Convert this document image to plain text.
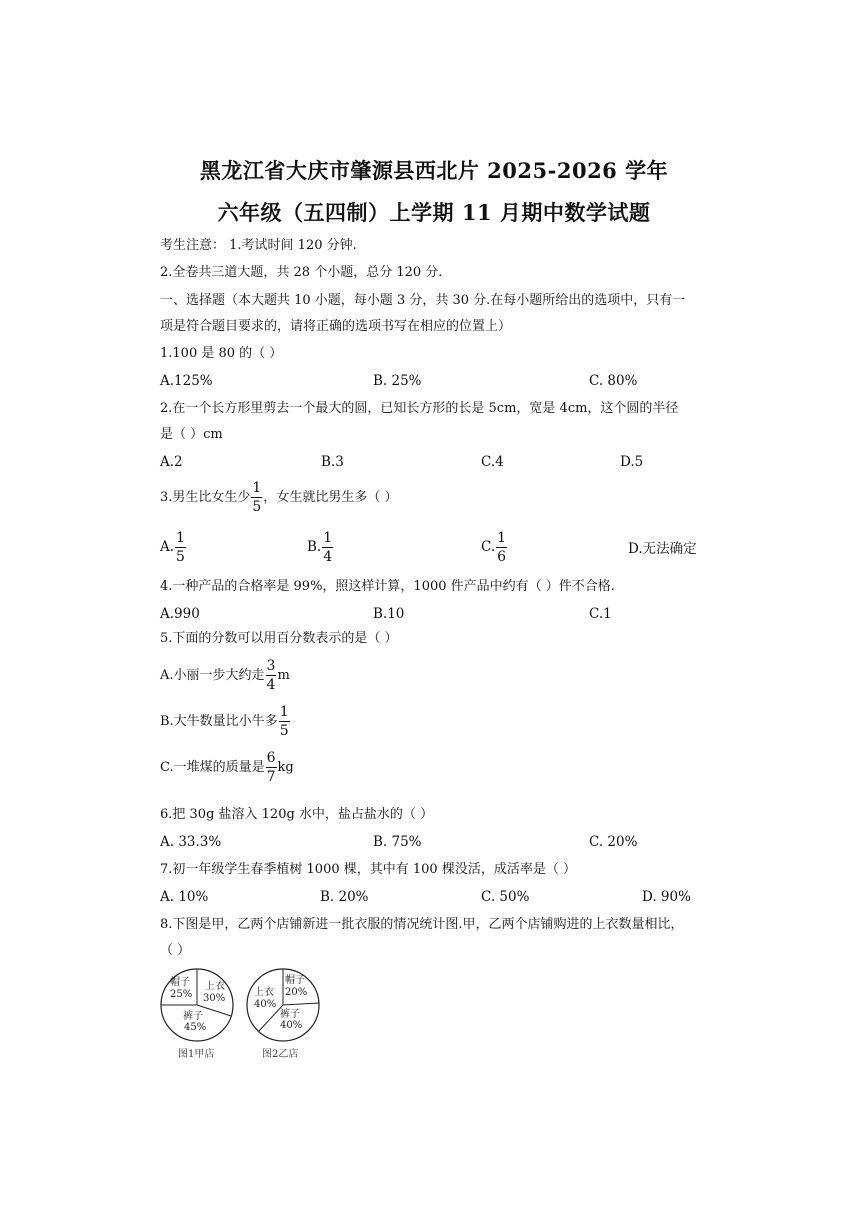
黑龙江省大庆市肇源县西北片 2025-2026 学年
六年级（五四制）上学期 11 月期中数学试题
考生注意： 1.考试时间 120 分钟.
2.全卷共三道大题，共 28 个小题，总分 120 分.
一、选择题（本大题共 10 小题，每小题 3 分，共 30 分.在每小题所给出的选项中，只有一
项是符合题目要求的，请将正确的选项书写在相应的位置上）
1.100 是 80 的（ ）
A.125%	B. 25%	C. 80%
2.在一个长方形里剪去一个最大的圆，已知长方形的长是 5cm，宽是 4cm，这个圆的半径
是（ ）cm
A.2	B.3	C.4	D.5
3.男生比女生少 $\frac{1}{5}$ ，女生就比男生多（ ）
A. $\frac{1}{5}$	B. $\frac{1}{4}$	C. $\frac{1}{6}$	D.无法确定
4.一种产品的合格率是 99%，照这样计算，1000 件产品中约有（ ）件不合格.
A.990	B.10	C.1
5.下面的分数可以用百分数表示的是（ ）
A.小丽一步大约走 $\frac{3}{4}$ m
B.大牛数量比小牛多 $\frac{1}{5}$
C.一堆煤的质量是 $\frac{6}{7}$ kg
6.把 30g 盐溶入 120g 水中，盐占盐水的（ ）
A. 33.3%	B. 75%	C. 20%
7.初一年级学生春季植树 1000 棵，其中有 100 棵没活，成活率是（ ）
A. 10%	B. 20%	C. 50%	D. 90%
8.下图是甲，乙两个店铺新进一批衣服的情况统计图.甲，乙两个店铺购进的上衣数量相比，
（ ）
帽子
25%
上衣
30%
裤子
45%
图1甲店
帽子
20%
上衣
40%
裤子
40%
图2乙店
